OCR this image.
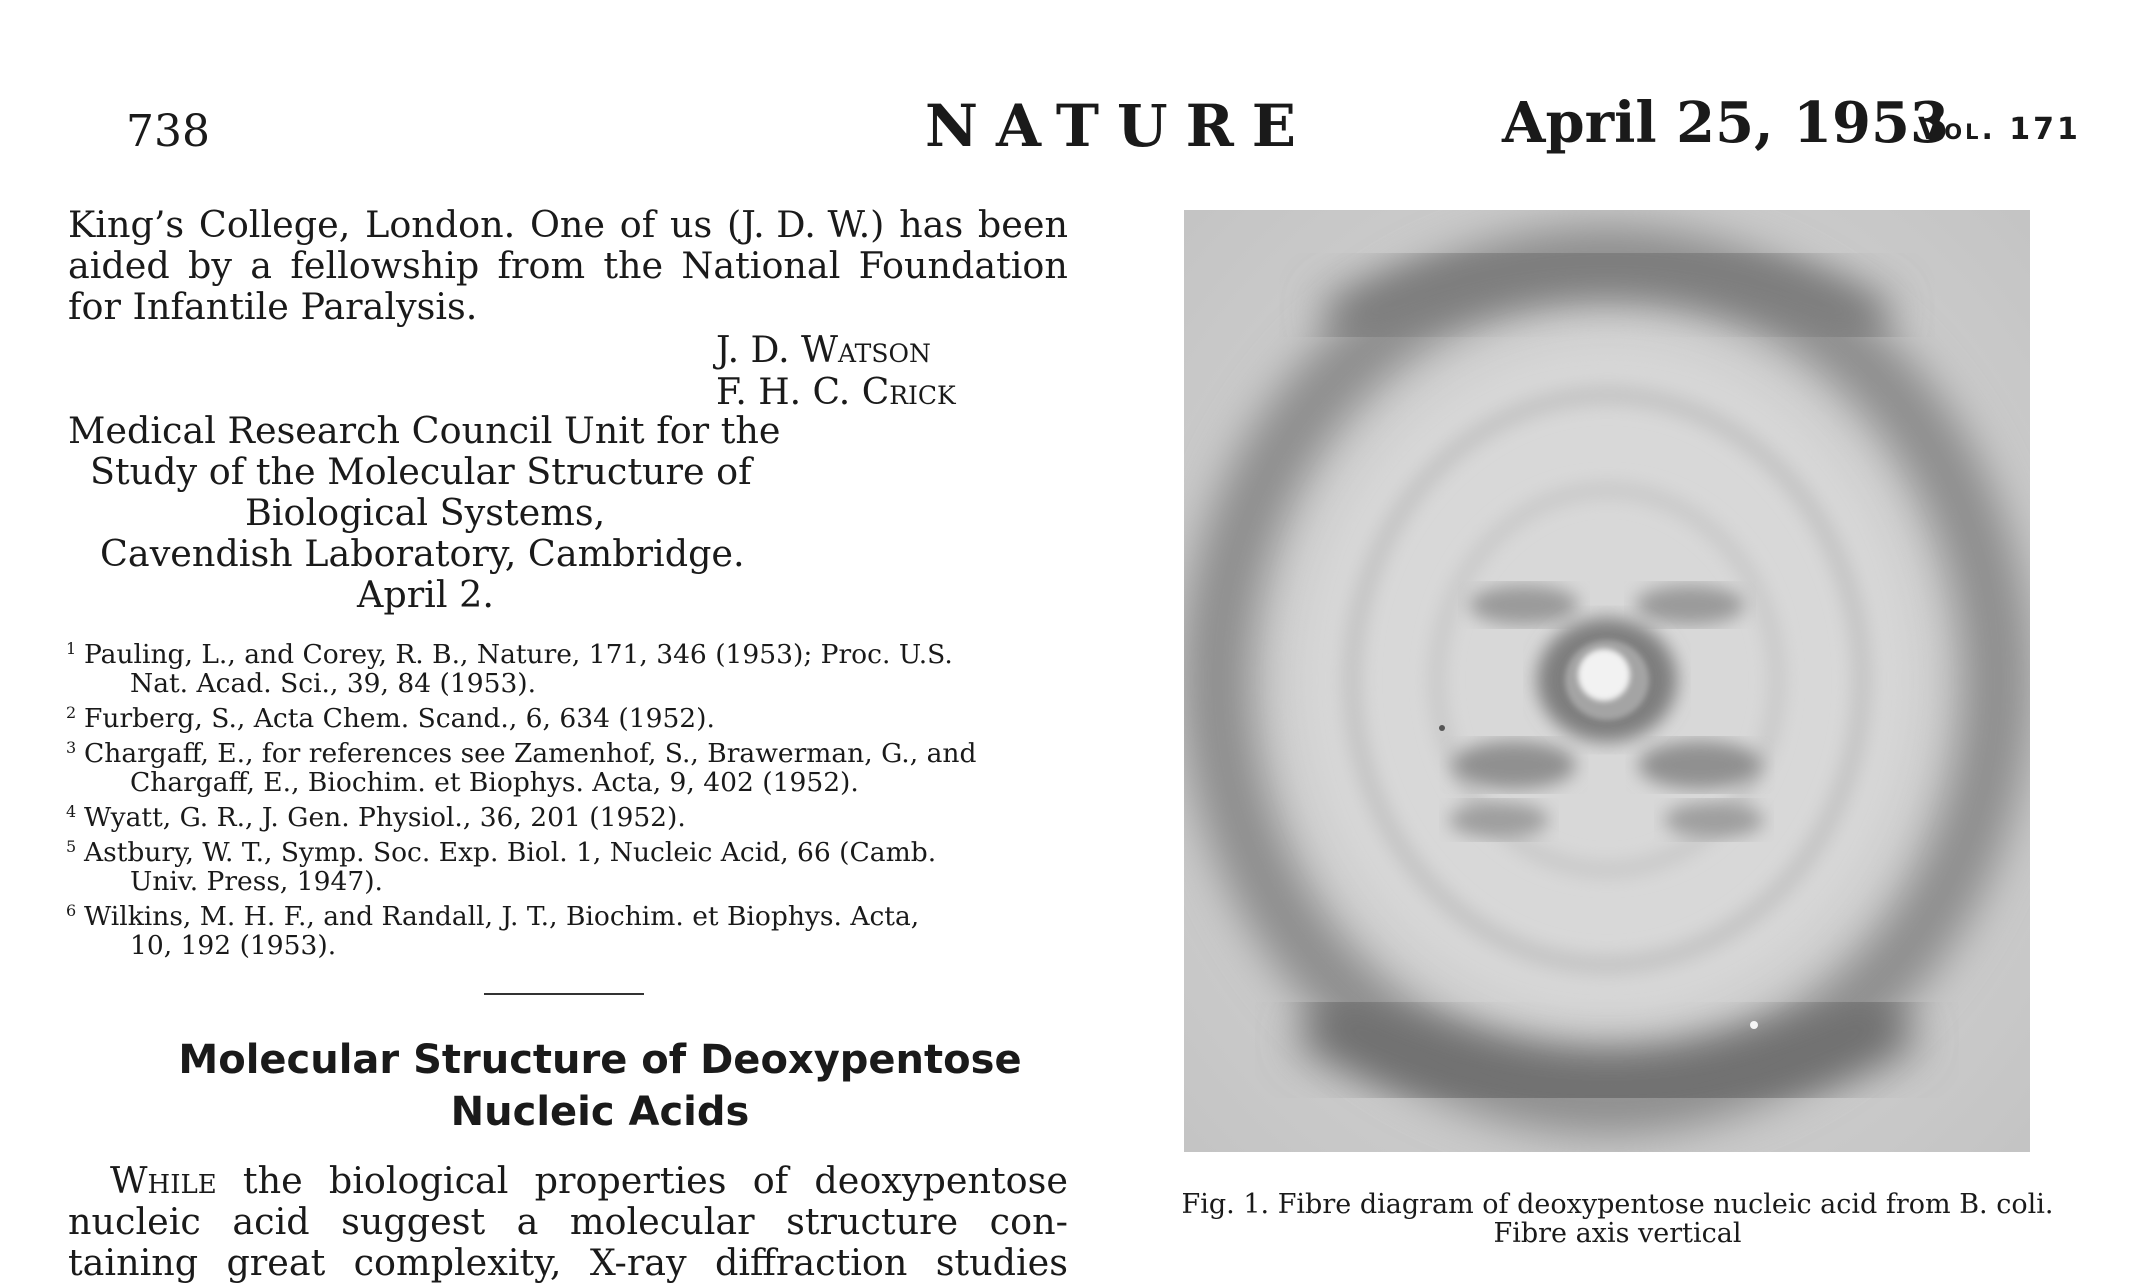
738	NATURE	April 25, 1953
Vol. 171
King’s College, London. One of us (J. D. W.) has been
aided by a fellowship from the National Foundation
for Infantile Paralysis.
J. D. Watson
F. H. C. Crick
Medical Research Council Unit for the
Study of the Molecular Structure of
Biological Systems,
Cavendish Laboratory, Cambridge.
April 2.
1 Pauling, L., and Corey, R. B., Nature, 171, 346 (1953); Proc. U.S.
Nat. Acad. Sci., 39, 84 (1953).
2 Furberg, S., Acta Chem. Scand., 6, 634 (1952).
3 Chargaff, E., for references see Zamenhof, S., Brawerman, G., and
Chargaff, E., Biochim. et Biophys. Acta, 9, 402 (1952).
4 Wyatt, G. R., J. Gen. Physiol., 36, 201 (1952).
5 Astbury, W. T., Symp. Soc. Exp. Biol. 1, Nucleic Acid, 66 (Camb.
Univ. Press, 1947).
6 Wilkins, M. H. F., and Randall, J. T., Biochim. et Biophys. Acta,
10, 192 (1953).
Molecular Structure of Deoxypentose
Nucleic Acids
While the biological properties of deoxypentose
nucleic acid suggest a molecular structure con-
taining great complexity, X-ray diffraction studies
Fig. 1. Fibre diagram of deoxypentose nucleic acid from B. coli.
Fibre axis vertical
